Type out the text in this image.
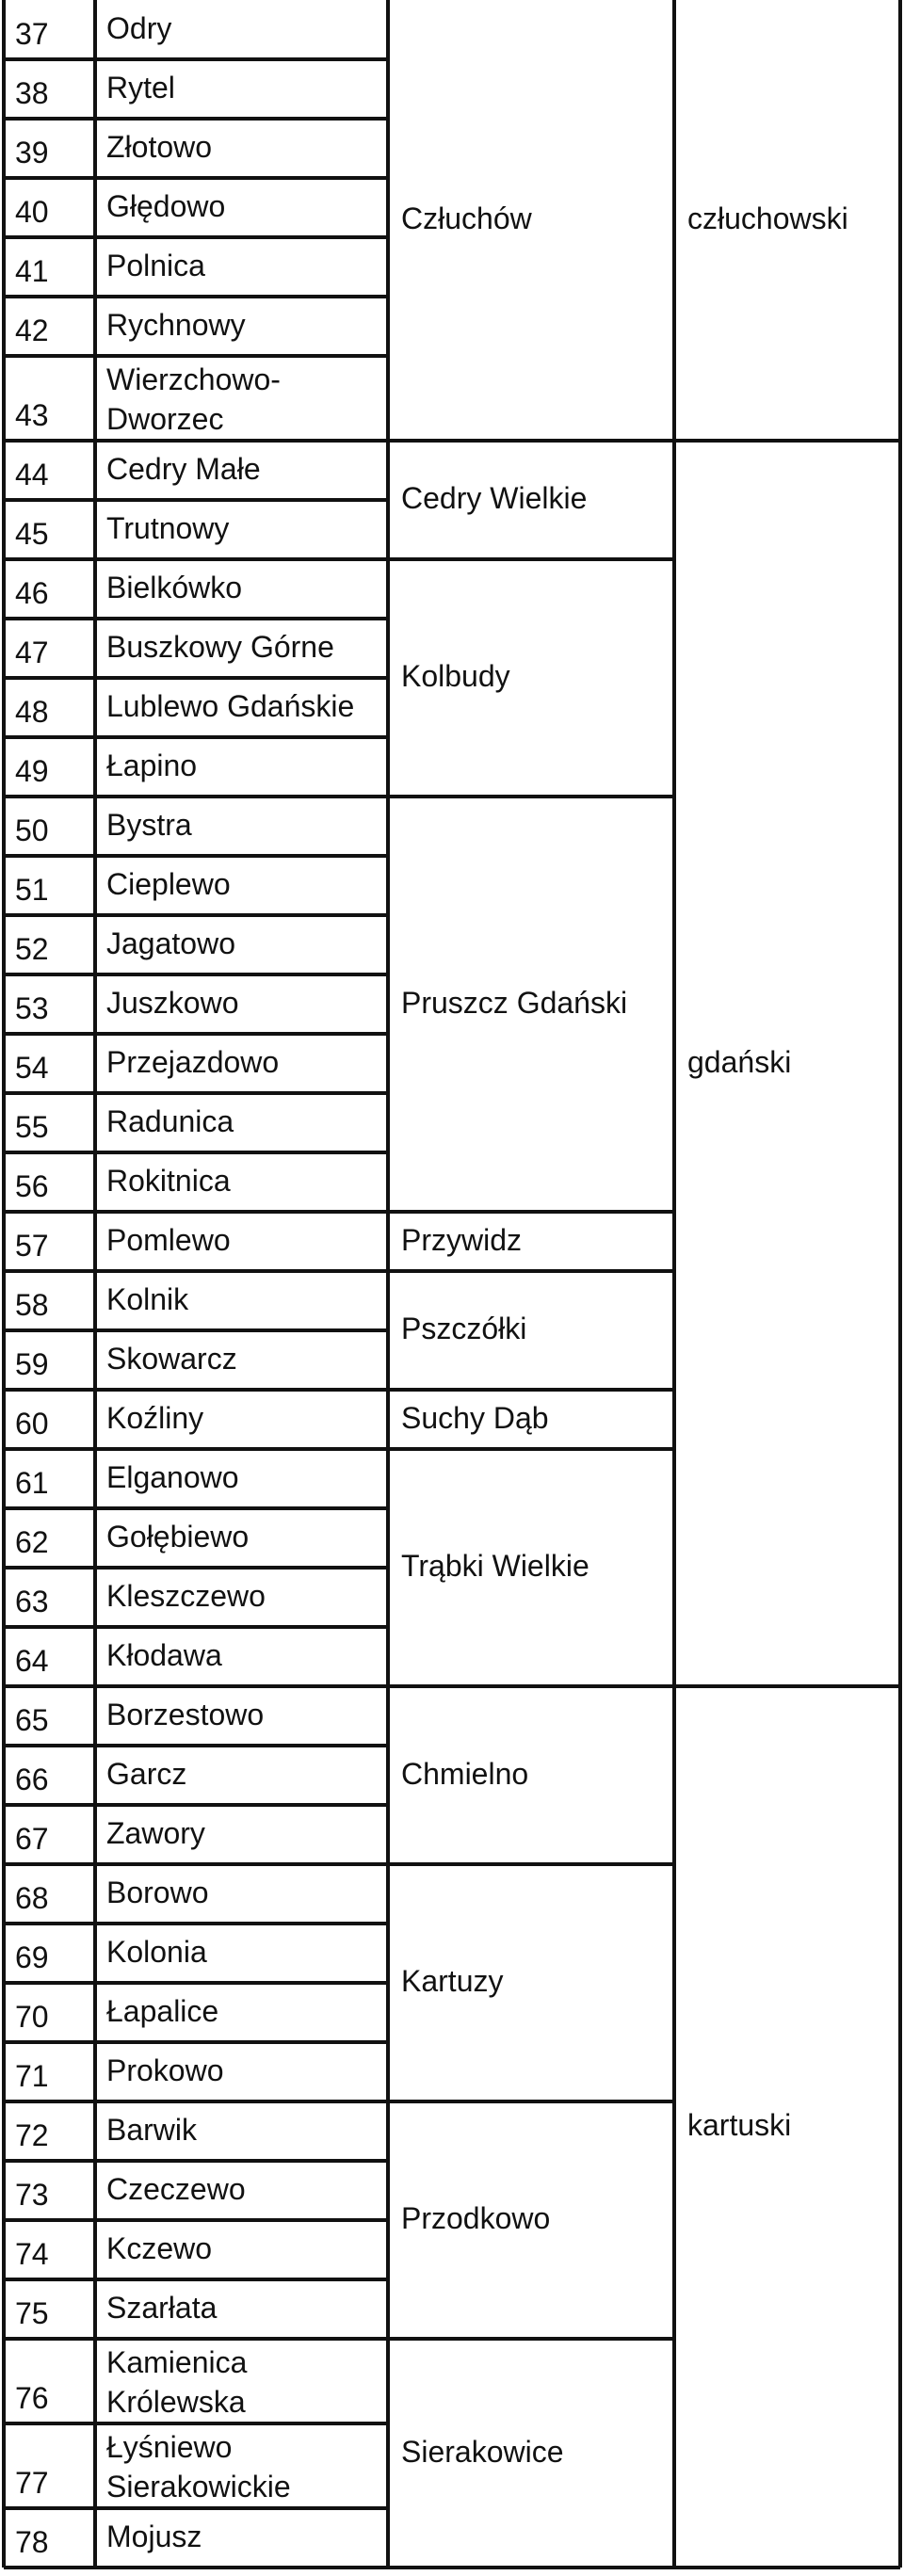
37 Odry
38 Rytel
39 Złotowo
40 Głędowo
41 Polnica
42 Rychnowy
43
Wierzchowo- Dworzec
44 Cedry Małe
45 Trutnowy
46 Bielkówko
47 Buszkowy Górne
48 Lublewo Gdańskie
49 Łapino
50 Bystra
51 Cieplewo
52 Jagatowo
53 Juszkowo
54 Przejazdowo
55 Radunica
56 Rokitnica
57 Pomlewo
58 Kolnik
59 Skowarcz
60 Koźliny
61 Elganowo
62 Gołębiewo
63 Kleszczewo
64 Kłodawa
65 Borzestowo
66 Garcz
67 Zawory
68 Borowo
69 Kolonia
70 Łapalice
71 Prokowo
72 Barwik
73 Czeczewo
74 Kczewo
75 Szarłata
76
Kamienica Królewska
77
Łyśniewo Sierakowickie
78 Mojusz
Człuchów
Cedry Wielkie
Kolbudy
Pruszcz Gdański
Przywidz
Pszczółki
Suchy Dąb
Trąbki Wielkie
Chmielno
Kartuzy
Przodkowo
Sierakowice
człuchowski
gdański
kartuski
